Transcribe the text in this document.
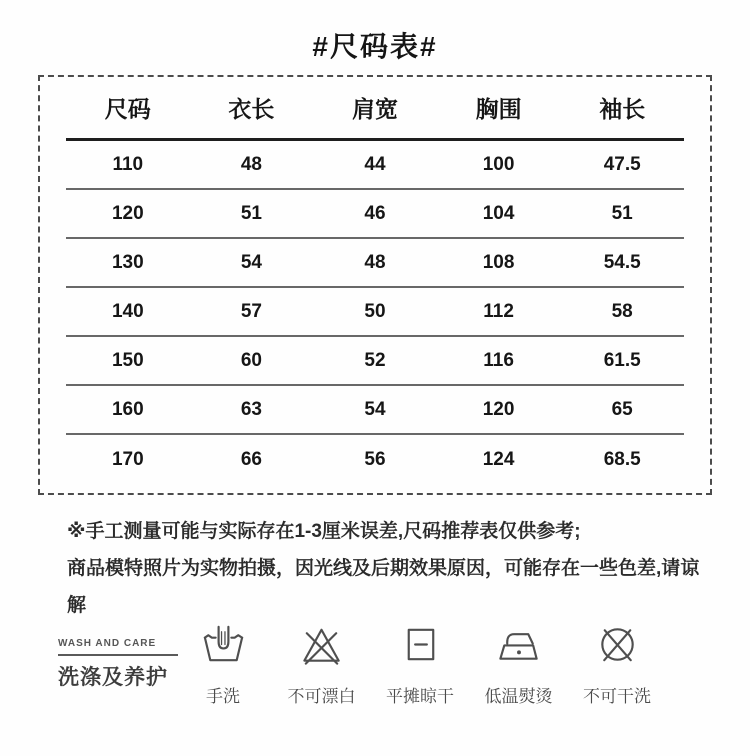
#尺码表#
尺码	衣长	肩宽	胸围	袖长
110	48	44	100	47.5
120	51	46	104	51
130	54	48	108	54.5
140	57	50	112	58
150	60	52	116	61.5
160	63	54	120	65
170	66	56	124	68.5
※手工测量可能与实际存在1-3厘米误差,尺码推荐表仅供参考;
商品模特照片为实物拍摄，因光线及后期效果原因，可能存在一些色差,请谅解
WASH AND CARE
洗涤及养护
手洗	不可漂白 平摊晾干 低温熨烫 不可干洗
